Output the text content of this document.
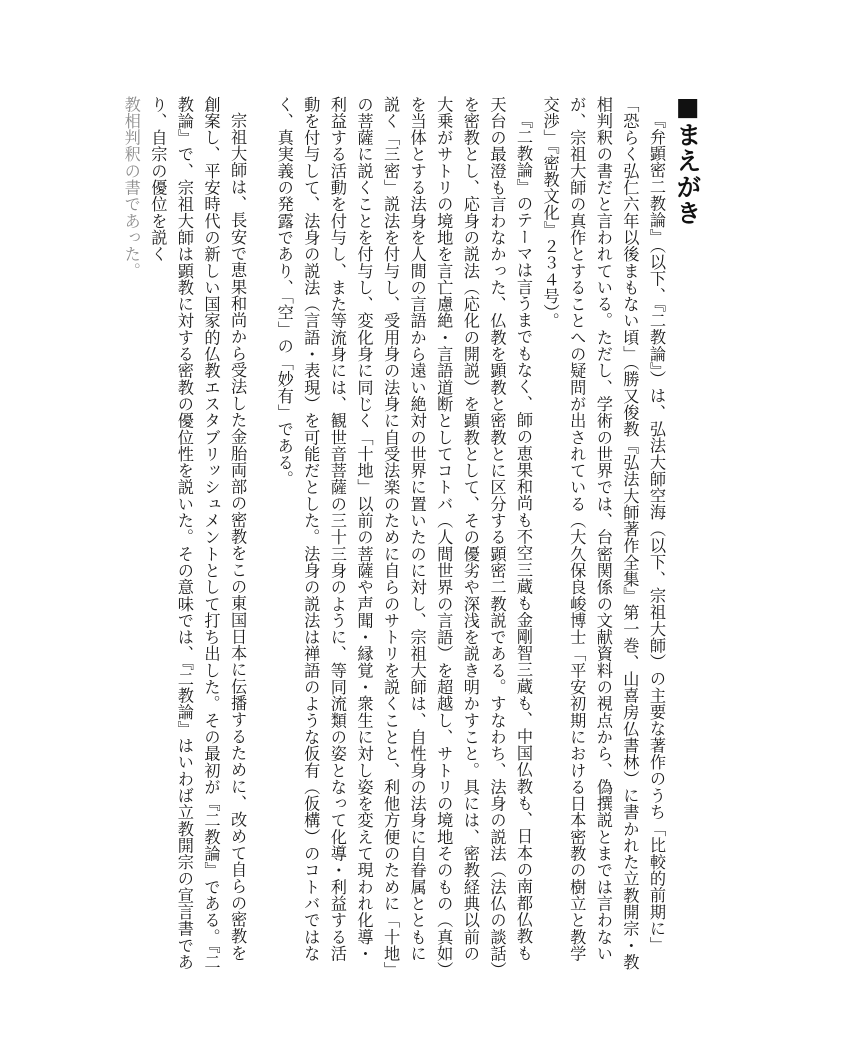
■まえがき

『弁顕密二教論』（以下、『二教論』）は、弘法大師空海（以下、宗祖大師）の主要な著作のうち「比較的前期に」「恐らく弘仁六年以後まもない頃」（勝又俊教『弘法大師著作全集』第一巻、山喜房仏書林）に書かれた立教開宗・教相判釈の書だと言われている。ただし、学術の世界では、台密関係の文献資料の視点から、偽撰説とまでは言わないが、宗祖大師の真作とすることへの疑問が出されている（大久保良峻博士「平安初期における日本密教の樹立と教学交渉」『密教文化』２３４号）。

『二教論』のテーマは言うまでもなく、師の恵果和尚も不空三蔵も金剛智三蔵も、中国仏教も、日本の南都仏教も天台の最澄も言わなかった、仏教を顕教と密教とに区分する顕密二教説である。すなわち、法身の説法（法仏の談話）を密教とし、応身の説法（応化の開説）を顕教として、その優劣や深浅を説き明かすこと。具には、密教経典以前の大乗がサトリの境地を言亡慮絶・言語道断としてコトバ（人間世界の言語）を超越し、サトリの境地そのもの（真如）を当体とする法身を人間の言語から遠い絶対の世界に置いたのに対し、宗祖大師は、自性身の法身に自眷属とともに説く「三密」説法を付与し、受用身の法身に自受法楽のために自らのサトリを説くことと、利他方便のために「十地」の菩薩に説くことを付与し、変化身に同じく「十地」以前の菩薩や声聞・縁覚・衆生に対し姿を変えて現われ化導・利益する活動を付与し、また等流身には、観世音菩薩の三十三身のように、等同流類の姿となって化導・利益する活動を付与して、法身の説法（言語・表現）を可能だとした。法身の説法は禅語のような仮有（仮構）のコトバではなく、真実義の発露であり、「空」の「妙有」である。

宗祖大師は、長安で恵果和尚から受法した金胎両部の密教をこの東国日本に伝播するために、改めて自らの密教を創案し、平安時代の新しい国家的仏教エスタブリッシュメントとして打ち出した。その最初が『二教論』である。『二教論』で、宗祖大師は顕教に対する密教の優位性を説いた。その意味では、『二教論』はいわば立教開宗の宣言書であり、自宗の優位を説く

教相判釈の書であった。
